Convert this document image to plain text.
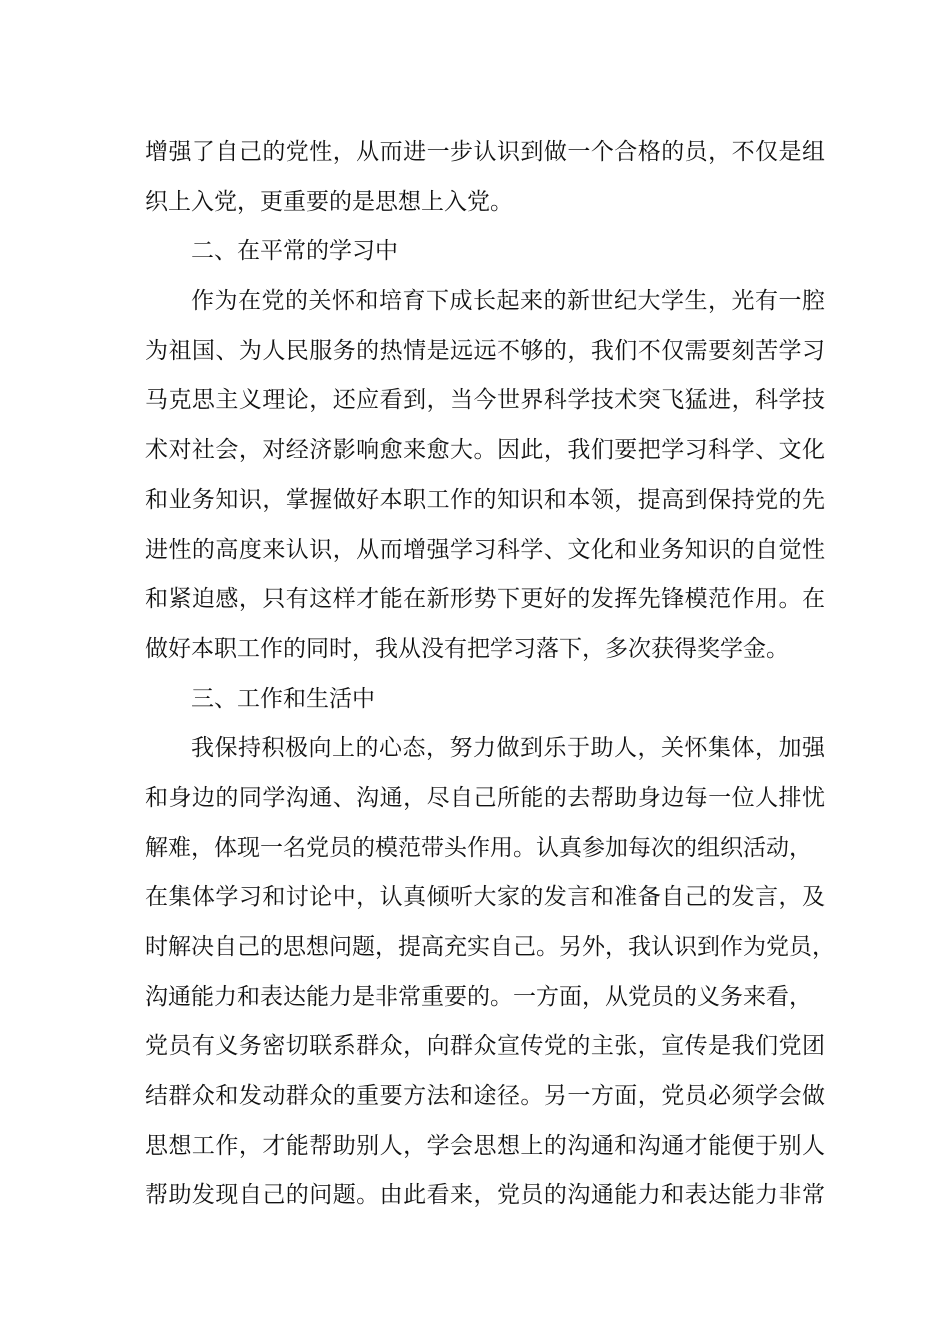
增强了自己的党性，从而进一步认识到做一个合格的员，不仅是组
织上入党，更重要的是思想上入党。
二、在平常的学习中
作为在党的关怀和培育下成长起来的新世纪大学生，光有一腔
为祖国、为人民服务的热情是远远不够的，我们不仅需要刻苦学习
马克思主义理论，还应看到，当今世界科学技术突飞猛进，科学技
术对社会，对经济影响愈来愈大。因此，我们要把学习科学、文化
和业务知识，掌握做好本职工作的知识和本领，提高到保持党的先
进性的高度来认识，从而增强学习科学、文化和业务知识的自觉性
和紧迫感，只有这样才能在新形势下更好的发挥先锋模范作用。在
做好本职工作的同时，我从没有把学习落下，多次获得奖学金。
三、工作和生活中
我保持积极向上的心态，努力做到乐于助人，关怀集体，加强
和身边的同学沟通、沟通，尽自己所能的去帮助身边每一位人排忧
解难，体现一名党员的模范带头作用。认真参加每次的组织活动，
在集体学习和讨论中，认真倾听大家的发言和准备自己的发言，及
时解决自己的思想问题，提高充实自己。另外，我认识到作为党员，
沟通能力和表达能力是非常重要的。一方面，从党员的义务来看，
党员有义务密切联系群众，向群众宣传党的主张，宣传是我们党团
结群众和发动群众的重要方法和途径。另一方面，党员必须学会做
思想工作，才能帮助别人，学会思想上的沟通和沟通才能便于别人
帮助发现自己的问题。由此看来，党员的沟通能力和表达能力非常
